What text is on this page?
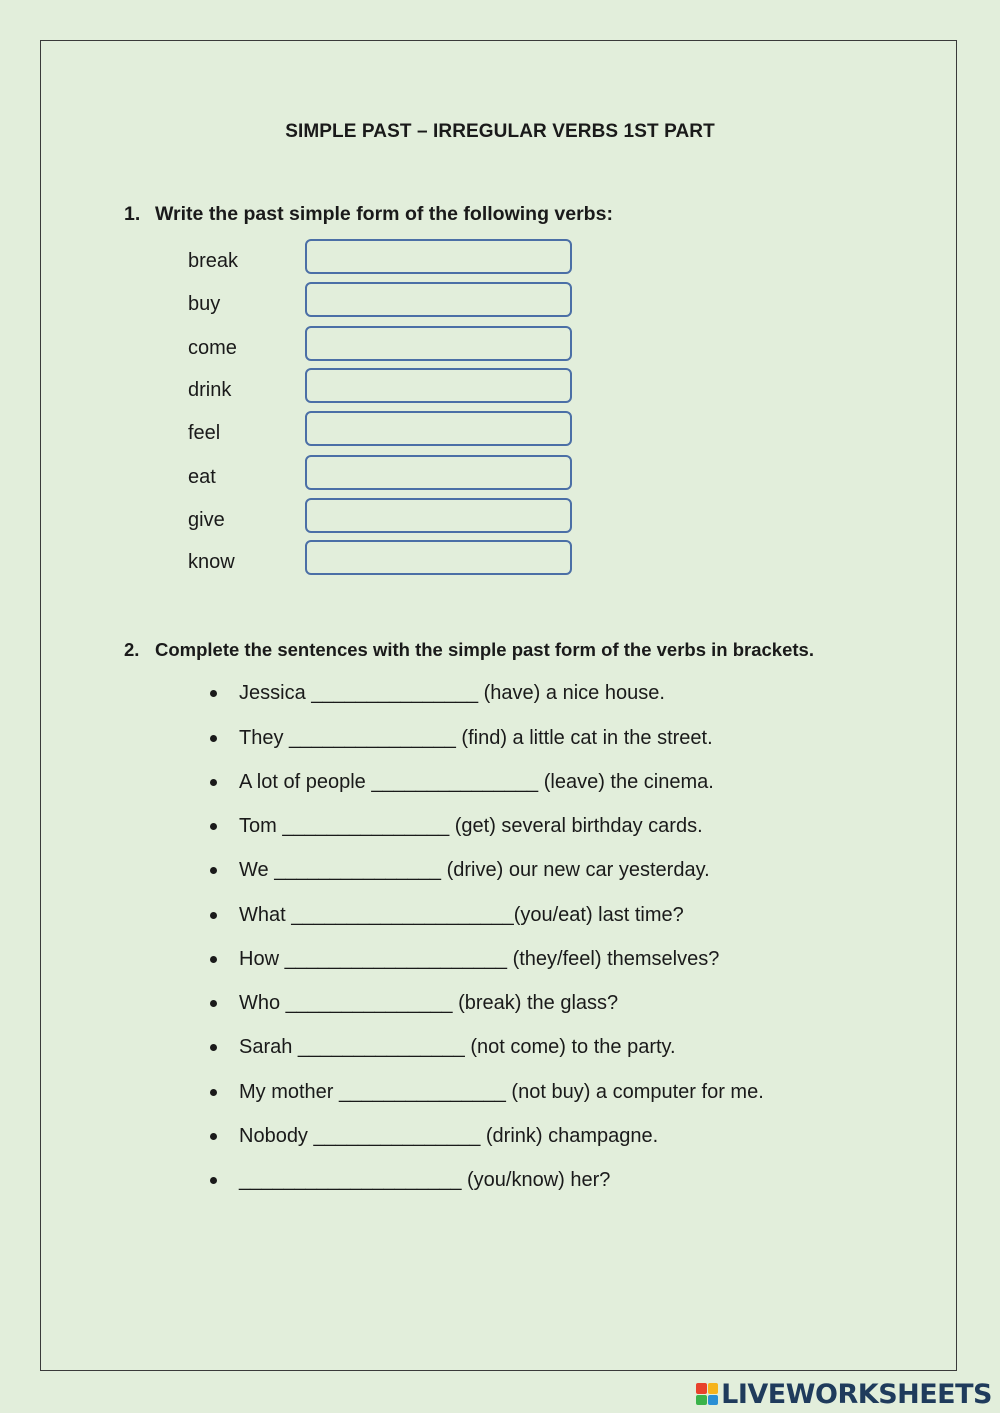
SIMPLE PAST – IRREGULAR VERBS 1ST PART
1. Write the past simple form of the following verbs:
break
buy
come
drink
feel
eat
give
know
2. Complete the sentences with the simple past form of the verbs in brackets.
Jessica _______________ (have) a nice house.
They _______________ (find) a little cat in the street.
A lot of people _______________ (leave) the cinema.
Tom _______________ (get) several birthday cards.
We _______________ (drive) our new car yesterday.
What ____________________(you/eat) last time?
How ____________________ (they/feel) themselves?
Who _______________ (break) the glass?
Sarah _______________ (not come) to the party.
My mother _______________ (not buy) a computer for me.
Nobody _______________ (drink) champagne.
____________________ (you/know) her?
LIVEWORKSHEETS
